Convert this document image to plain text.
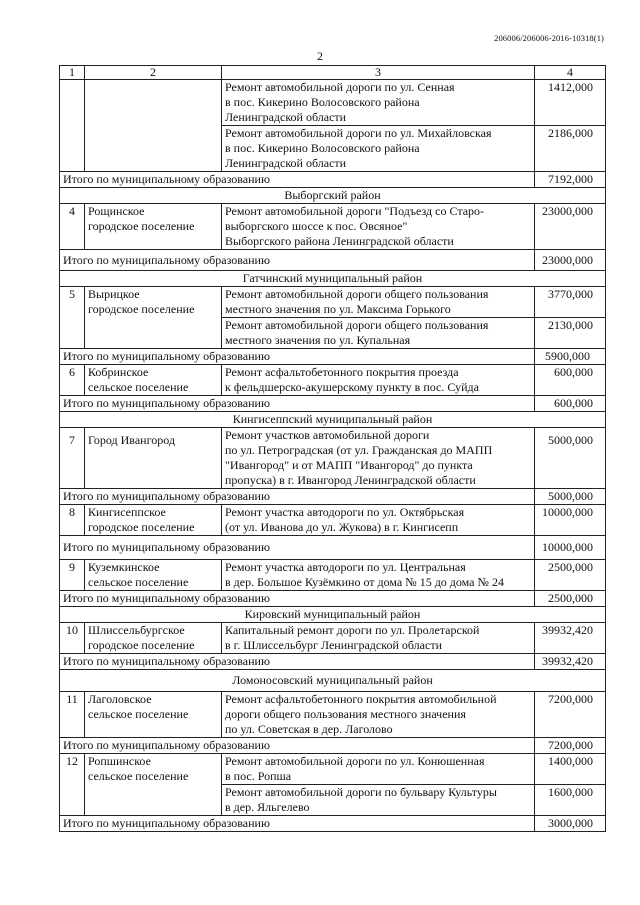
206006/206006-2016-10318(1)
2
1	2	3	4
		Ремонт автомобильной дороги по ул. Сенная
в пос. Кикерино Волосовского района
Ленинградской области	1412,000
		Ремонт автомобильной дороги по ул. Михайловская
в пос. Кикерино Волосовского района
Ленинградской области	2186,000
Итого по муниципальному образованию			7192,000
Выборгский район			
4	Рощинское
городское поселение	Ремонт автомобильной дороги "Подъезд со Старо-
выборгского шоссе к пос. Овсяное"
Выборгского района Ленинградской области	23000,000
Итого по муниципальному образованию			23000,000
Гатчинский муниципальный район			
5	Вырицкое
городское поселение	Ремонт автомобильной дороги общего пользования
местного значения по ул. Максима Горького	3770,000
		Ремонт автомобильной дороги общего пользования
местного значения по ул. Купальная	2130,000
Итого по муниципальному образованию			5900,000
6	Кобринское
сельское поселение	Ремонт асфальтобетонного покрытия проезда
к фельдшерско-акушерскому пункту в пос. Суйда	600,000
Итого по муниципальному образованию			600,000
Кингисеппский муниципальный район			
7	Город Ивангород	Ремонт участков автомобильной дороги
по ул. Петроградская (от ул. Гражданская до МАПП
"Ивангород" и от МАПП "Ивангород" до пункта
пропуска) в г. Ивангород Ленинградской области	5000,000
Итого по муниципальному образованию			5000,000
8	Кингисеппское
городское поселение	Ремонт участка автодороги по ул. Октябрьская
(от ул. Иванова до ул. Жукова) в г. Кингисепп	10000,000
Итого по муниципальному образованию			10000,000
9	Куземкинское
сельское поселение	Ремонт участка автодороги по ул. Центральная
в дер. Большое Кузёмкино от дома № 15 до дома № 24	2500,000
Итого по муниципальному образованию			2500,000
Кировский муниципальный район			
10	Шлиссельбургское
городское поселение	Капитальный ремонт дороги по ул. Пролетарской
в г. Шлиссельбург Ленинградской области	39932,420
Итого по муниципальному образованию			39932,420
Ломоносовский муниципальный район			
11	Лаголовское
сельское поселение	Ремонт асфальтобетонного покрытия автомобильной
дороги общего пользования местного значения
по ул. Советская в дер. Лаголово	7200,000
Итого по муниципальному образованию			7200,000
12	Ропшинское
сельское поселение	Ремонт автомобильной дороги по ул. Конюшенная
в пос. Ропша	1400,000
		Ремонт автомобильной дороги по бульвару Культуры
в дер. Яльгелево	1600,000
Итого по муниципальному образованию			3000,000
